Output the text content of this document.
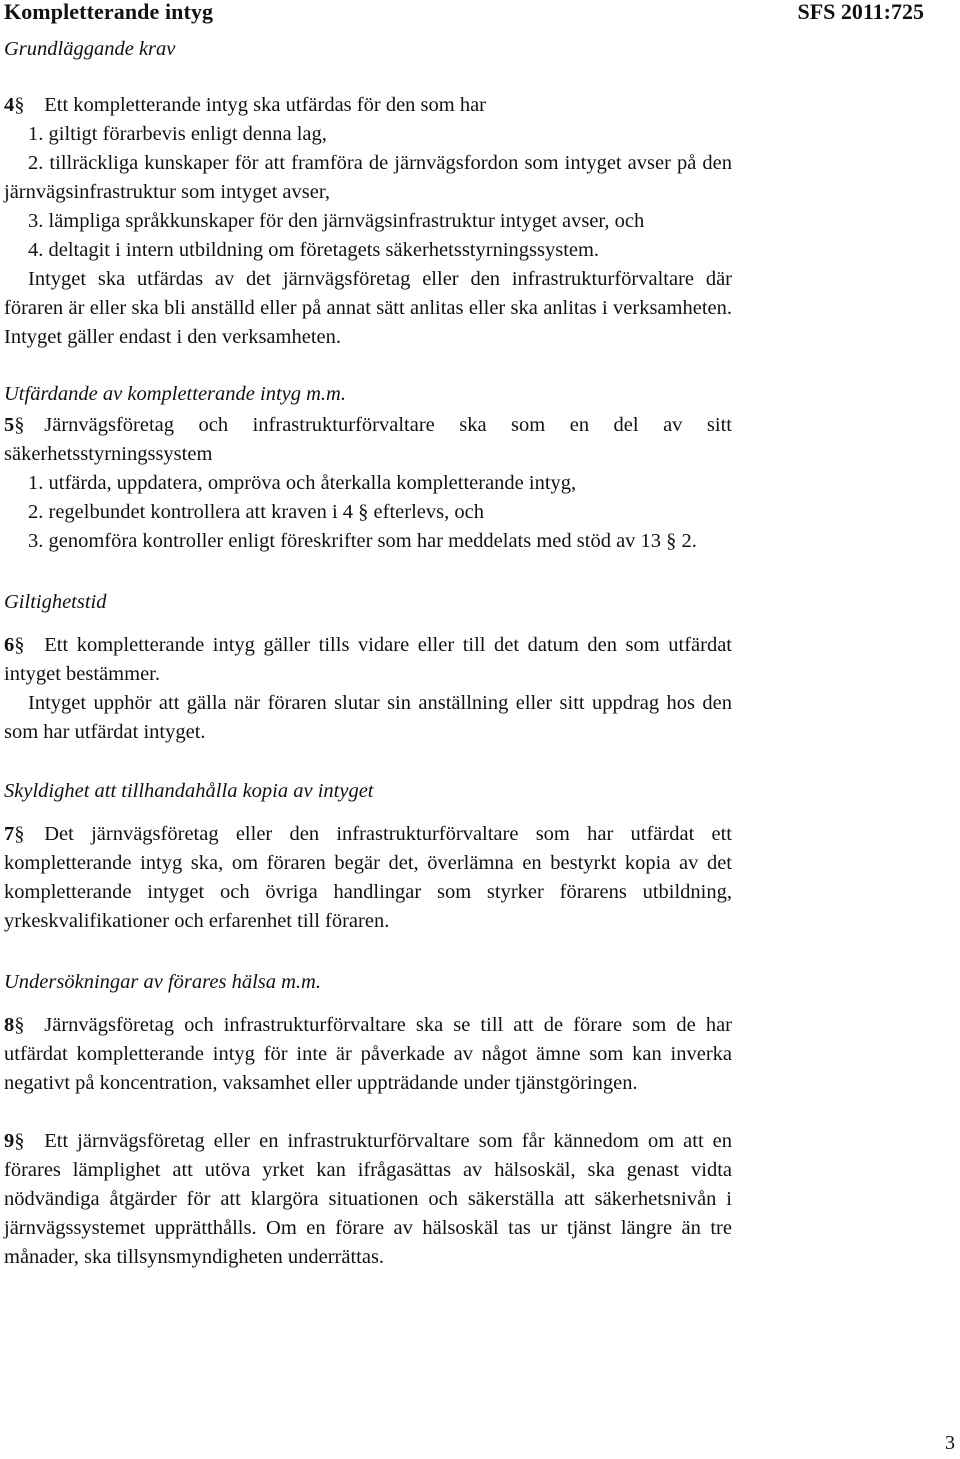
Kompletterande intyg	SFS 2011:725

Grundläggande krav

4§ Ett kompletterande intyg ska utfärdas för den som har

1. giltigt förarbevis enligt denna lag,

2. tillräckliga kunskaper för att framföra de järnvägsfordon som intyget avser på den järnvägsinfrastruktur som intyget avser,

3. lämpliga språkkunskaper för den järnvägsinfrastruktur intyget avser, och

4. deltagit i intern utbildning om företagets säkerhetsstyrningssystem.

Intyget ska utfärdas av det järnvägsföretag eller den infrastrukturförvaltare där föraren är eller ska bli anställd eller på annat sätt anlitas eller ska anlitas i verksamheten. Intyget gäller endast i den verksamheten.

Utfärdande av kompletterande intyg m.m.

5§ Järnvägsföretag och infrastrukturförvaltare ska som en del av sitt säkerhetsstyrningssystem

1. utfärda, uppdatera, ompröva och återkalla kompletterande intyg,

2. regelbundet kontrollera att kraven i 4 § efterlevs, och

3. genomföra kontroller enligt föreskrifter som har meddelats med stöd av 13 § 2.

Giltighetstid

6§ Ett kompletterande intyg gäller tills vidare eller till det datum den som utfärdat intyget bestämmer.

Intyget upphör att gälla när föraren slutar sin anställning eller sitt uppdrag hos den som har utfärdat intyget.

Skyldighet att tillhandahålla kopia av intyget

7§ Det järnvägsföretag eller den infrastrukturförvaltare som har utfärdat ett kompletterande intyg ska, om föraren begär det, överlämna en bestyrkt kopia av det kompletterande intyget och övriga handlingar som styrker förarens utbildning, yrkeskvalifikationer och erfarenhet till föraren.

Undersökningar av förares hälsa m.m.

8§ Järnvägsföretag och infrastrukturförvaltare ska se till att de förare som de har utfärdat kompletterande intyg för inte är påverkade av något ämne som kan inverka negativt på koncentration, vaksamhet eller uppträdande under tjänstgöringen.

9§ Ett järnvägsföretag eller en infrastrukturförvaltare som får kännedom om att en förares lämplighet att utöva yrket kan ifrågasättas av hälsoskäl, ska genast vidta nödvändiga åtgärder för att klargöra situationen och säkerställa att säkerhetsnivån i järnvägssystemet upprätthålls. Om en förare av hälsoskäl tas ur tjänst längre än tre månader, ska tillsynsmyndigheten underrättas.

3
